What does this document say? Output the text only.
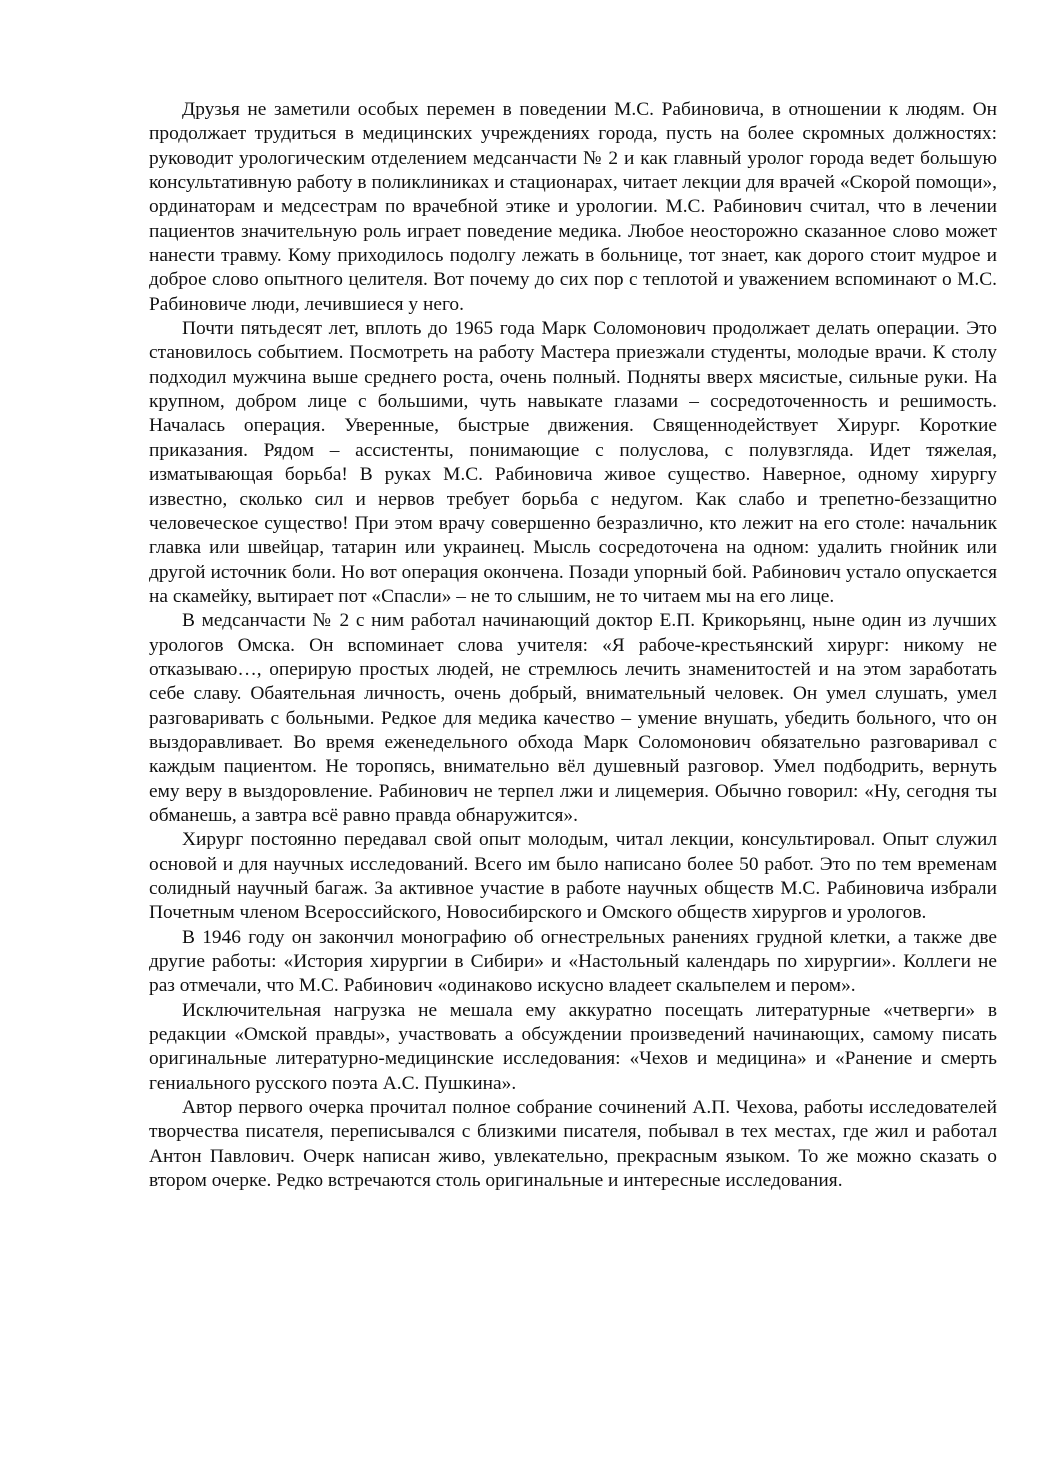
Друзья не заметили особых перемен в поведении М.С. Рабиновича, в отношении к людям. Он продолжает трудиться в медицинских учреждениях города, пусть на более скромных должностях: руководит урологическим отделением медсанчасти № 2 и как главный уролог города ведет большую консультативную работу в поликлиниках и стационарах, читает лекции для врачей «Скорой помощи», ординаторам и медсестрам по врачебной этике и урологии. М.С. Рабинович считал, что в лечении пациентов значительную роль играет поведение медика. Любое неосторожно сказанное слово может нанести травму. Кому приходилось подолгу лежать в больнице, тот знает, как дорого стоит мудрое и доброе слово опытного целителя. Вот почему до сих пор с теплотой и уважением вспоминают о М.С. Рабиновиче люди, лечившиеся у него.

Почти пятьдесят лет, вплоть до 1965 года Марк Соломонович продолжает делать операции. Это становилось событием. Посмотреть на работу Мастера приезжали студенты, молодые врачи. К столу подходил мужчина выше среднего роста, очень полный. Подняты вверх мясистые, сильные руки. На крупном, добром лице с большими, чуть навыкате глазами – сосредоточенность и решимость. Началась операция. Уверенные, быстрые движения. Священнодействует Хирург. Короткие приказания. Рядом – ассистенты, понимающие с полуслова, с полувзгляда. Идет тяжелая, изматывающая борьба! В руках М.С. Рабиновича живое существо. Наверное, одному хирургу известно, сколько сил и нервов требует борьба с недугом. Как слабо и трепетно-беззащитно человеческое существо! При этом врачу совершенно безразлично, кто лежит на его столе: начальник главка или швейцар, татарин или украинец. Мысль сосредоточена на одном: удалить гнойник или другой источник боли. Но вот операция окончена. Позади упорный бой. Рабинович устало опускается на скамейку, вытирает пот «Спасли» – не то слышим, не то читаем мы на его лице.

В медсанчасти № 2 с ним работал начинающий доктор Е.П. Крикорьянц, ныне один из лучших урологов Омска. Он вспоминает слова учителя: «Я рабоче-крестьянский хирург: никому не отказываю…, оперирую простых людей, не стремлюсь лечить знаменитостей и на этом заработать себе славу. Обаятельная личность, очень добрый, внимательный человек. Он умел слушать, умел разговаривать с больными. Редкое для медика качество – умение внушать, убедить больного, что он выздоравливает. Во время еженедельного обхода Марк Соломонович обязательно разговаривал с каждым пациентом. Не торопясь, внимательно вёл душевный разговор. Умел подбодрить, вернуть ему веру в выздоровление. Рабинович не терпел лжи и лицемерия. Обычно говорил: «Ну, сегодня ты обманешь, а завтра всё равно правда обнаружится».

Хирург постоянно передавал свой опыт молодым, читал лекции, консультировал. Опыт служил основой и для научных исследований. Всего им было написано более 50 работ. Это по тем временам солидный научный багаж. За активное участие в работе научных обществ М.С. Рабиновича избрали Почетным членом Всероссийского, Новосибирского и Омского обществ хирургов и урологов.

В 1946 году он закончил монографию об огнестрельных ранениях грудной клетки, а также две другие работы: «История хирургии в Сибири» и «Настольный календарь по хирургии». Коллеги не раз отмечали, что М.С. Рабинович «одинаково искусно владеет скальпелем и пером».

Исключительная нагрузка не мешала ему аккуратно посещать литературные «четверги» в редакции «Омской правды», участвовать а обсуждении произведений начинающих, самому писать оригинальные литературно-медицинские исследования: «Чехов и медицина» и «Ранение и смерть гениального русского поэта А.С. Пушкина».

Автор первого очерка прочитал полное собрание сочинений А.П. Чехова, работы исследователей творчества писателя, переписывался с близкими писателя, побывал в тех местах, где жил и работал Антон Павлович. Очерк написан живо, увлекательно, прекрасным языком. То же можно сказать о втором очерке. Редко встречаются столь оригинальные и интересные исследования.
